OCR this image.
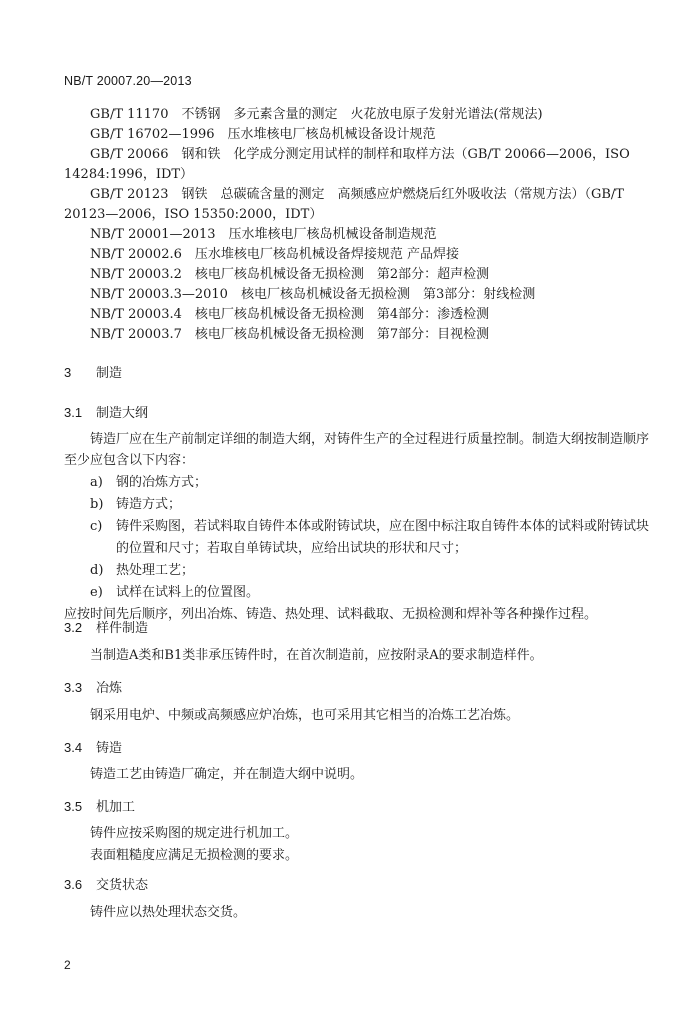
NB/T 20007.20—2013
GB/T 11170　不锈钢　多元素含量的测定　火花放电原子发射光谱法(常规法)
GB/T 16702—1996　压水堆核电厂核岛机械设备设计规范
GB/T 20066　钢和铁　化学成分测定用试样的制样和取样方法（GB/T 20066—2006，ISO
14284:1996，IDT）
GB/T 20123　钢铁　总碳硫含量的测定　高频感应炉燃烧后红外吸收法（常规方法）（GB/T
20123—2006，ISO 15350:2000，IDT）
NB/T 20001—2013　压水堆核电厂核岛机械设备制造规范
NB/T 20002.6　压水堆核电厂核岛机械设备焊接规范 产品焊接
NB/T 20003.2　核电厂核岛机械设备无损检测　第2部分：超声检测
NB/T 20003.3—2010　核电厂核岛机械设备无损检测　第3部分：射线检测
NB/T 20003.4　核电厂核岛机械设备无损检测　第4部分：渗透检测
NB/T 20003.7　核电厂核岛机械设备无损检测　第7部分：目视检测
3 制造
3.1 制造大纲
铸造厂应在生产前制定详细的制造大纲，对铸件生产的全过程进行质量控制。制造大纲按制造顺序
至少应包含以下内容：
a) 钢的冶炼方式；
b) 铸造方式；
c) 铸件采购图，若试料取自铸件本体或附铸试块，应在图中标注取自铸件本体的试料或附铸试块
的位置和尺寸；若取自单铸试块，应给出试块的形状和尺寸；
d) 热处理工艺；
e) 试样在试料上的位置图。
应按时间先后顺序，列出冶炼、铸造、热处理、试料截取、无损检测和焊补等各种操作过程。
3.2 样件制造
当制造A类和B1类非承压铸件时，在首次制造前，应按附录A的要求制造样件。
3.3 冶炼
钢采用电炉、中频或高频感应炉冶炼，也可采用其它相当的冶炼工艺冶炼。
3.4 铸造
铸造工艺由铸造厂确定，并在制造大纲中说明。
3.5 机加工
铸件应按采购图的规定进行机加工。
表面粗糙度应满足无损检测的要求。
3.6 交货状态
铸件应以热处理状态交货。
2
